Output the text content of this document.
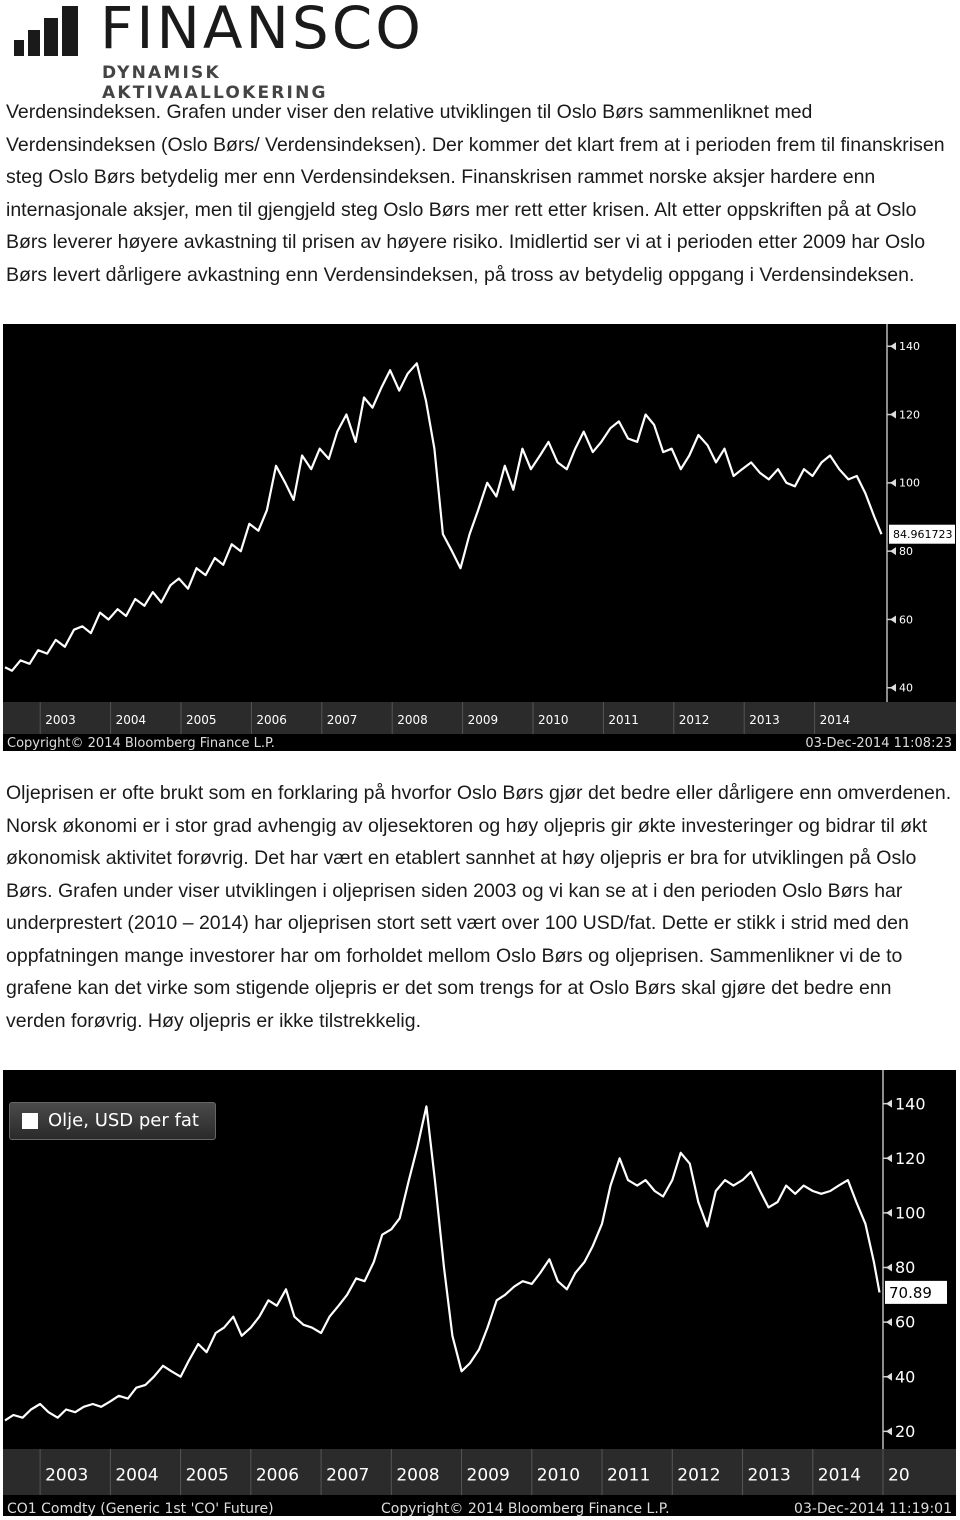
FINANSCO
DYNAMISK AKTIVAALLOKERING

Verdensindeksen. Grafen under viser den relative utviklingen til Oslo Børs sammenliknet med Verdensindeksen (Oslo Børs/ Verdensindeksen). Der kommer det klart frem at i perioden frem til finanskrisen steg Oslo Børs betydelig mer enn Verdensindeksen. Finanskrisen rammet norske aksjer hardere enn internasjonale aksjer, men til gjengjeld steg Oslo Børs mer rett etter krisen. Alt etter oppskriften på at Oslo Børs leverer høyere avkastning til prisen av høyere risiko. Imidlertid ser vi at i perioden etter 2009 har Oslo Børs levert dårligere avkastning enn Verdensindeksen, på tross av betydelig oppgang i Verdensindeksen.

2003	2004	2005	2006	2007	2008	2009	2010	2011	2012	2013	2014
Copyright© 2014 Bloomberg Finance L.P.	03-Dec-2014 11:08:23
40
60
80
100
120
140
84.961723

Oljeprisen er ofte brukt som en forklaring på hvorfor Oslo Børs gjør det bedre eller dårligere enn omverdenen. Norsk økonomi er i stor grad avhengig av oljesektoren og høy oljepris gir økte investeringer og bidrar til økt økonomisk aktivitet forøvrig. Det har vært en etablert sannhet at høy oljepris er bra for utviklingen på Oslo Børs. Grafen under viser utviklingen i oljeprisen siden 2003 og vi kan se at i den perioden Oslo Børs har underprestert (2010 – 2014) har oljeprisen stort sett vært over 100 USD/fat. Dette er stikk i strid med den oppfatningen mange investorer har om forholdet mellom Oslo Børs og oljeprisen. Sammenlikner vi de to grafene kan det virke som stigende oljepris er det som trengs for at Oslo Børs skal gjøre det bedre enn verden forøvrig. Høy oljepris er ikke tilstrekkelig.

2003 2004 2005 2006 2007 2008 2009 2010 2011 2012 2013 2014 20
CO1 Comdty (Generic 1st 'CO' Future)	Copyright© 2014 Bloomberg Finance L.P.	03-Dec-2014 11:19:01
20
40
60
80
100
120
140
70.89
Olje, USD per fat
